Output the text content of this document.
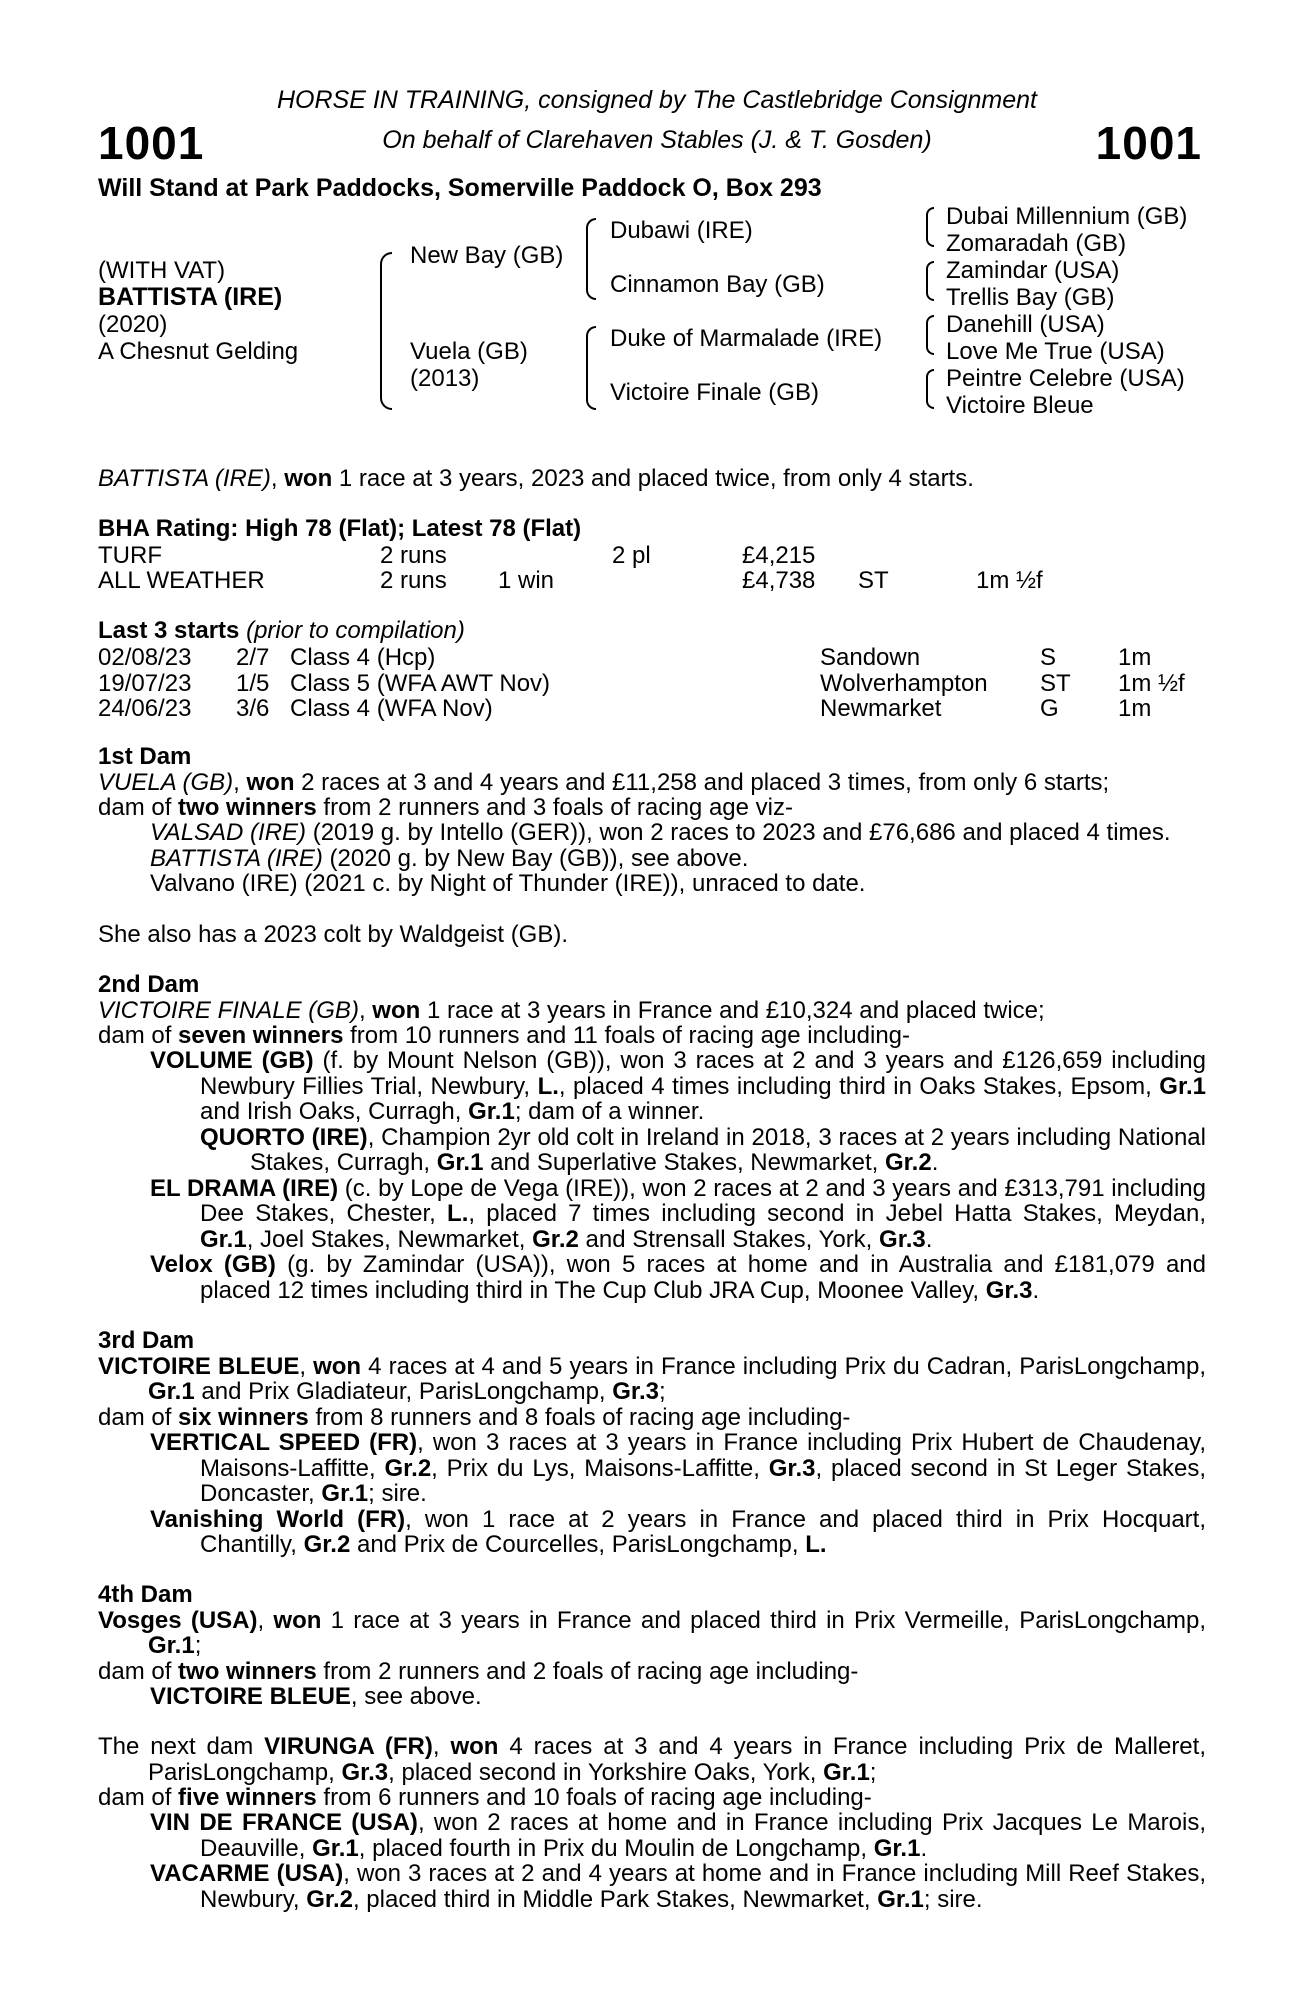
HORSE IN TRAINING, consigned by The Castlebridge Consignment
On behalf of Clarehaven Stables (J. & T. Gosden)
1001	1001
Will Stand at Park Paddocks, Somerville Paddock O, Box 293
(WITH VAT)
BATTISTA (IRE)
(2020)
A Chesnut Gelding
New Bay (GB)
Vuela (GB)
(2013)
Dubawi (IRE)
Cinnamon Bay (GB)
Duke of Marmalade (IRE)
Victoire Finale (GB)
Dubai Millennium (GB)
Zomaradah (GB)
Zamindar (USA)
Trellis Bay (GB)
Danehill (USA)
Love Me True (USA)
Peintre Celebre (USA)
Victoire Bleue
BATTISTA (IRE), won 1 race at 3 years, 2023 and placed twice, from only 4 starts.
BHA Rating: High 78 (Flat); Latest 78 (Flat)
TURF	2 runs	2 pl	£4,215
ALL WEATHER	2 runs 1 win	£4,738 ST	1m ½f
Last 3 starts (prior to compilation)
02/08/23 2/7 Class 4 (Hcp)	Sandown	S	1m
19/07/23 1/5 Class 5 (WFA AWT Nov)	Wolverhampton ST 1m ½f
24/06/23 3/6 Class 4 (WFA Nov)	Newmarket	G 1m

1st Dam

VUELA (GB), won 2 races at 3 and 4 years and £11,258 and placed 3 times, from only 6 starts;

dam of two winners from 2 runners and 3 foals of racing age viz-

VALSAD (IRE) (2019 g. by Intello (GER)), won 2 races to 2023 and £76,686 and placed 4 times.

BATTISTA (IRE) (2020 g. by New Bay (GB)), see above.

Valvano (IRE) (2021 c. by Night of Thunder (IRE)), unraced to date.

She also has a 2023 colt by Waldgeist (GB).

2nd Dam

VICTOIRE FINALE (GB), won 1 race at 3 years in France and £10,324 and placed twice;

dam of seven winners from 10 runners and 11 foals of racing age including-

VOLUME (GB) (f. by Mount Nelson (GB)), won 3 races at 2 and 3 years and £126,659 including Newbury Fillies Trial, Newbury, L., placed 4 times including third in Oaks Stakes, Epsom, Gr.1 and Irish Oaks, Curragh, Gr.1; dam of a winner.

QUORTO (IRE), Champion 2yr old colt in Ireland in 2018, 3 races at 2 years including National Stakes, Curragh, Gr.1 and Superlative Stakes, Newmarket, Gr.2.

EL DRAMA (IRE) (c. by Lope de Vega (IRE)), won 2 races at 2 and 3 years and £313,791 including Dee Stakes, Chester, L., placed 7 times including second in Jebel Hatta Stakes, Meydan, Gr.1, Joel Stakes, Newmarket, Gr.2 and Strensall Stakes, York, Gr.3.

Velox (GB) (g. by Zamindar (USA)), won 5 races at home and in Australia and £181,079 and placed 12 times including third in The Cup Club JRA Cup, Moonee Valley, Gr.3.

3rd Dam

VICTOIRE BLEUE, won 4 races at 4 and 5 years in France including Prix du Cadran, ParisLongchamp, Gr.1 and Prix Gladiateur, ParisLongchamp, Gr.3;

dam of six winners from 8 runners and 8 foals of racing age including-

VERTICAL SPEED (FR), won 3 races at 3 years in France including Prix Hubert de Chaudenay, Maisons-Laffitte, Gr.2, Prix du Lys, Maisons-Laffitte, Gr.3, placed second in St Leger Stakes, Doncaster, Gr.1; sire.

Vanishing World (FR), won 1 race at 2 years in France and placed third in Prix Hocquart, Chantilly, Gr.2 and Prix de Courcelles, ParisLongchamp, L.

4th Dam

Vosges (USA), won 1 race at 3 years in France and placed third in Prix Vermeille, ParisLongchamp, Gr.1;

dam of two winners from 2 runners and 2 foals of racing age including-

VICTOIRE BLEUE, see above.

The next dam VIRUNGA (FR), won 4 races at 3 and 4 years in France including Prix de Malleret, ParisLongchamp, Gr.3, placed second in Yorkshire Oaks, York, Gr.1;

dam of five winners from 6 runners and 10 foals of racing age including-

VIN DE FRANCE (USA), won 2 races at home and in France including Prix Jacques Le Marois, Deauville, Gr.1, placed fourth in Prix du Moulin de Longchamp, Gr.1.

VACARME (USA), won 3 races at 2 and 4 years at home and in France including Mill Reef Stakes, Newbury, Gr.2, placed third in Middle Park Stakes, Newmarket, Gr.1; sire.
